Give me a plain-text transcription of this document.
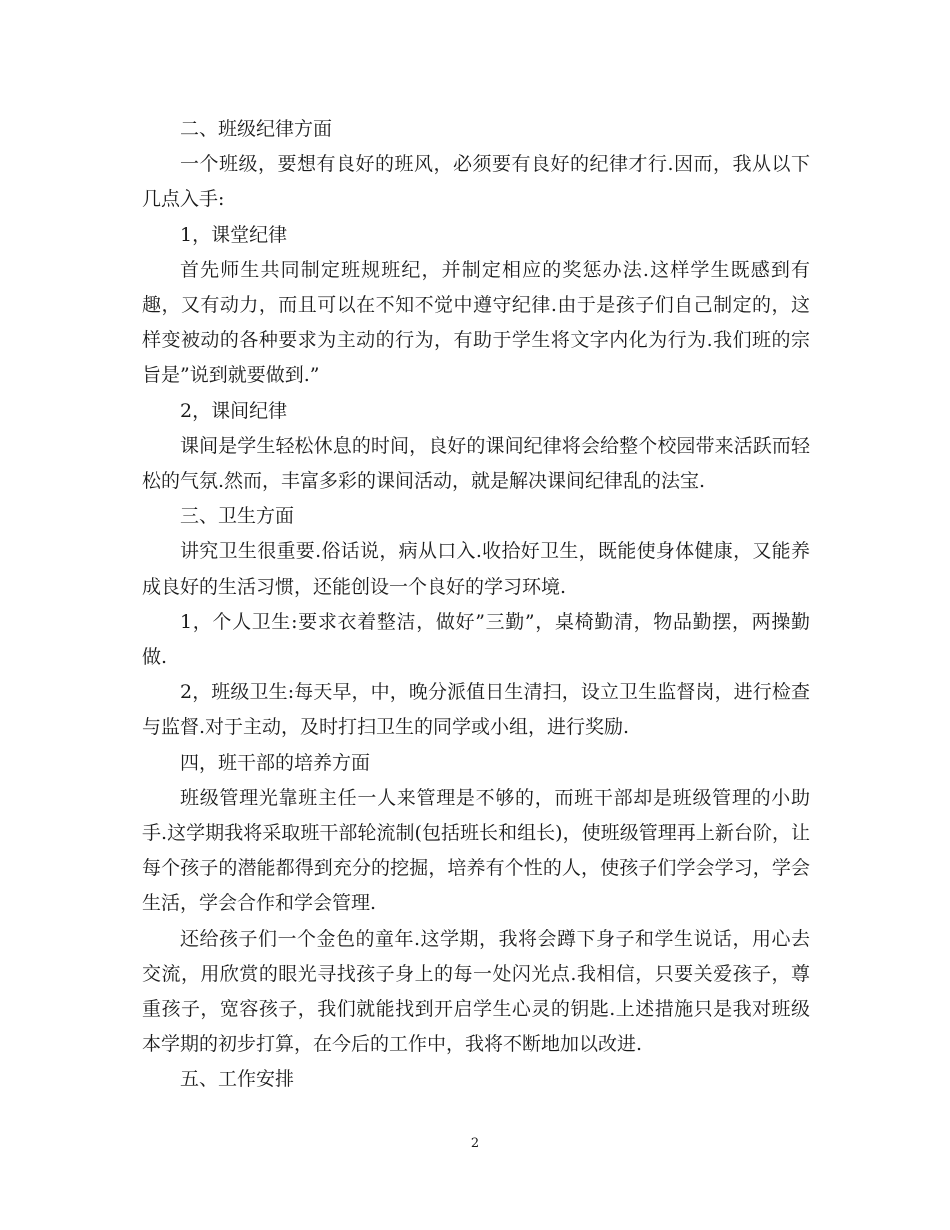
二、班级纪律方面

一个班级，要想有良好的班风，必须要有良好的纪律才行.因而，我从以下几点入手:

1，课堂纪律

首先师生共同制定班规班纪，并制定相应的奖惩办法.这样学生既感到有趣，又有动力，而且可以在不知不觉中遵守纪律.由于是孩子们自己制定的，这样变被动的各种要求为主动的行为，有助于学生将文字内化为行为.我们班的宗旨是”说到就要做到.”

2，课间纪律

课间是学生轻松休息的时间，良好的课间纪律将会给整个校园带来活跃而轻松的气氛.然而，丰富多彩的课间活动，就是解决课间纪律乱的法宝.

三、卫生方面

讲究卫生很重要.俗话说，病从口入.收拾好卫生，既能使身体健康，又能养成良好的生活习惯，还能创设一个良好的学习环境.

1，个人卫生:要求衣着整洁，做好”三勤”，桌椅勤清，物品勤摆，两操勤做.

2，班级卫生:每天早，中，晚分派值日生清扫，设立卫生监督岗，进行检查与监督.对于主动，及时打扫卫生的同学或小组，进行奖励.

四，班干部的培养方面

班级管理光靠班主任一人来管理是不够的，而班干部却是班级管理的小助手.这学期我将采取班干部轮流制(包括班长和组长)，使班级管理再上新台阶，让每个孩子的潜能都得到充分的挖掘，培养有个性的人，使孩子们学会学习，学会生活，学会合作和学会管理.

还给孩子们一个金色的童年.这学期，我将会蹲下身子和学生说话，用心去交流，用欣赏的眼光寻找孩子身上的每一处闪光点.我相信，只要关爱孩子，尊重孩子，宽容孩子，我们就能找到开启学生心灵的钥匙.上述措施只是我对班级本学期的初步打算，在今后的工作中，我将不断地加以改进.

五、工作安排

2
